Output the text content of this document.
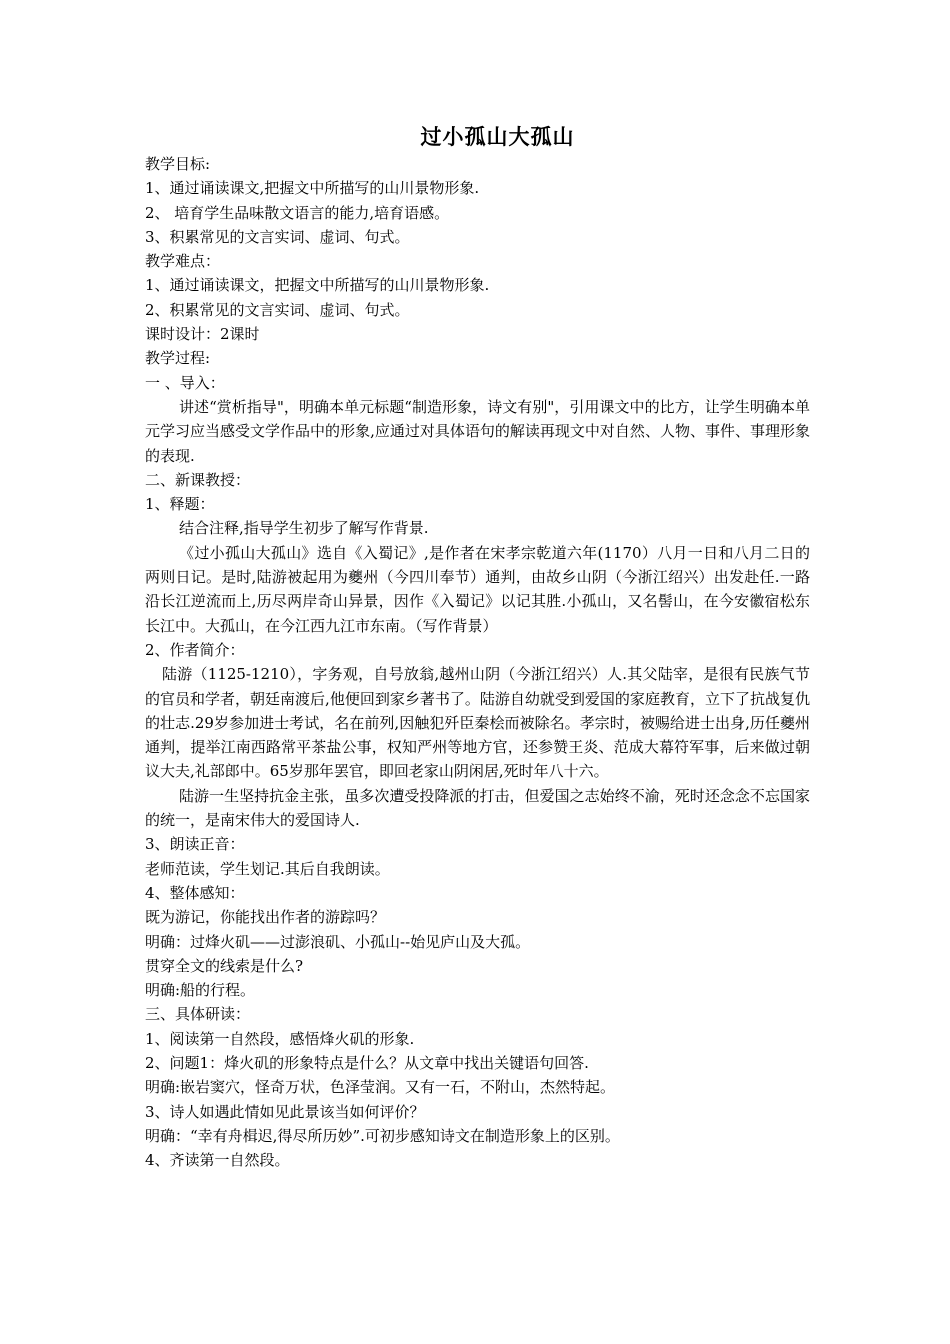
过小孤山大孤山

教学目标:

1、通过诵读课文,把握文中所描写的山川景物形象.

2、 培育学生品味散文语言的能力,培育语感。

3、积累常见的文言实词、虚词、句式。

教学难点：

1、通过诵读课文，把握文中所描写的山川景物形象.

2、积累常见的文言实词、虚词、句式。

课时设计：2课时

教学过程:

一 、导入：

讲述“赏析指导"，明确本单元标题“制造形象，诗文有别"，引用课文中的比方，让学生明确本单元学习应当感受文学作品中的形象,应通过对具体语句的解读再现文中对自然、人物、事件、事理形象的表现.

二、新课教授：

1、释题：

结合注释,指导学生初步了解写作背景.

《过小孤山大孤山》选自《入蜀记》,是作者在宋孝宗乾道六年(1170）八月一日和八月二日的两则日记。是时,陆游被起用为夔州（今四川奉节）通判，由故乡山阴（今浙江绍兴）出发赴任.一路沿长江逆流而上,历尽两岸奇山异景，因作《入蜀记》以记其胜.小孤山，又名髻山，在今安徽宿松东长江中。大孤山，在今江西九江市东南。（写作背景）

2、作者简介：

陆游（1125-1210），字务观，自号放翁,越州山阴（今浙江绍兴）人.其父陆宰，是很有民族气节的官员和学者，朝廷南渡后,他便回到家乡著书了。陆游自幼就受到爱国的家庭教育，立下了抗战复仇的壮志.29岁参加进士考试，名在前列,因触犯歼臣秦桧而被除名。孝宗时，被赐给进士出身,历任夔州通判，提举江南西路常平茶盐公事，权知严州等地方官，还参赞王炎、范成大幕符军事，后来做过朝议大夫,礼部郎中。65岁那年罢官，即回老家山阴闲居,死时年八十六。

陆游一生坚持抗金主张，虽多次遭受投降派的打击，但爱国之志始终不渝，死时还念念不忘国家的统一，是南宋伟大的爱国诗人.

3、朗读正音：

老师范读，学生划记.其后自我朗读。

4、整体感知：

既为游记，你能找出作者的游踪吗？

明确：过烽火矶——过澎浪矶、小孤山--始见庐山及大孤。

贯穿全文的线索是什么?

明确:船的行程。

三、具体研读：

1、阅读第一自然段，感悟烽火矶的形象.

2、问题1：烽火矶的形象特点是什么？从文章中找出关键语句回答.

明确:嵌岩窦穴，怪奇万状，色泽莹润。又有一石，不附山，杰然特起。

3、诗人如遇此情如见此景该当如何评价？

明确：“幸有舟楫迟,得尽所历妙”.可初步感知诗文在制造形象上的区别。

4、齐读第一自然段。
